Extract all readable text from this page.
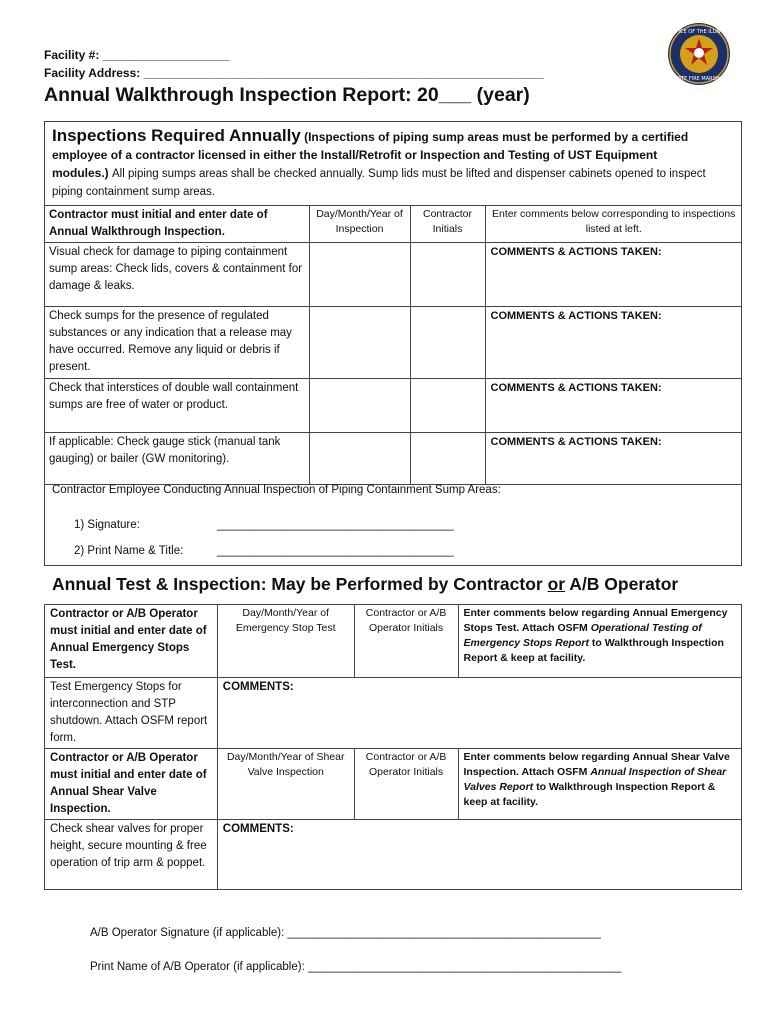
Facility #: ___________________
Facility Address: ____________________________________________________________
Annual Walkthrough Inspection Report: 20___ (year)
OFFICE OF THE ILLINOIS
STATE FIRE MARSHAL
Inspections Required Annually (Inspections of piping sump areas must be performed by a certified
employee of a contractor licensed in either the Install/Retrofit or Inspection and Testing of UST Equipment
modules.) All piping sumps areas shall be checked annually. Sump lids must be lifted and dispenser cabinets opened to inspect piping containment sump areas.
Contractor must initial and enter date of Annual Walkthrough Inspection.	Day/Month/Year of Inspection	Contractor Initials	Enter comments below corresponding to inspections listed at left.
Visual check for damage to piping containment sump areas: Check lids, covers & containment for damage & leaks.			COMMENTS & ACTIONS TAKEN:
Check sumps for the presence of regulated substances or any indication that a release may have occurred. Remove any liquid or debris if present.			COMMENTS & ACTIONS TAKEN:
Check that interstices of double wall containment sumps are free of water or product.			COMMENTS & ACTIONS TAKEN:
If applicable: Check gauge stick (manual tank gauging) or bailer (GW monitoring).			COMMENTS & ACTIONS TAKEN:
Contractor Employee Conducting Annual Inspection of Piping Containment Sump Areas:
1) Signature:	_____________________________________
2) Print Name & Title:	_____________________________________
Annual Test & Inspection: May be Performed by Contractor or A/B Operator
Contractor or A/B Operator must initial and enter date of Annual Emergency Stops Test.	Day/Month/Year of Emergency Stop Test	Contractor or A/B Operator Initials	Enter comments below regarding Annual Emergency Stops Test. Attach OSFM Operational Testing of Emergency Stops Report to Walkthrough Inspection Report & keep at facility.
Test Emergency Stops for interconnection and STP shutdown. Attach OSFM report form.	COMMENTS:		
Contractor or A/B Operator must initial and enter date of Annual Shear Valve Inspection.	Day/Month/Year of Shear Valve Inspection	Contractor or A/B Operator Initials	Enter comments below regarding Annual Shear Valve Inspection. Attach OSFM Annual Inspection of Shear Valves Report to Walkthrough Inspection Report & keep at facility.
Check shear valves for proper height, secure mounting & free operation of trip arm & poppet.	COMMENTS:		
A/B Operator Signature (if applicable): _________________________________________________
Print Name of A/B Operator (if applicable): _________________________________________________
